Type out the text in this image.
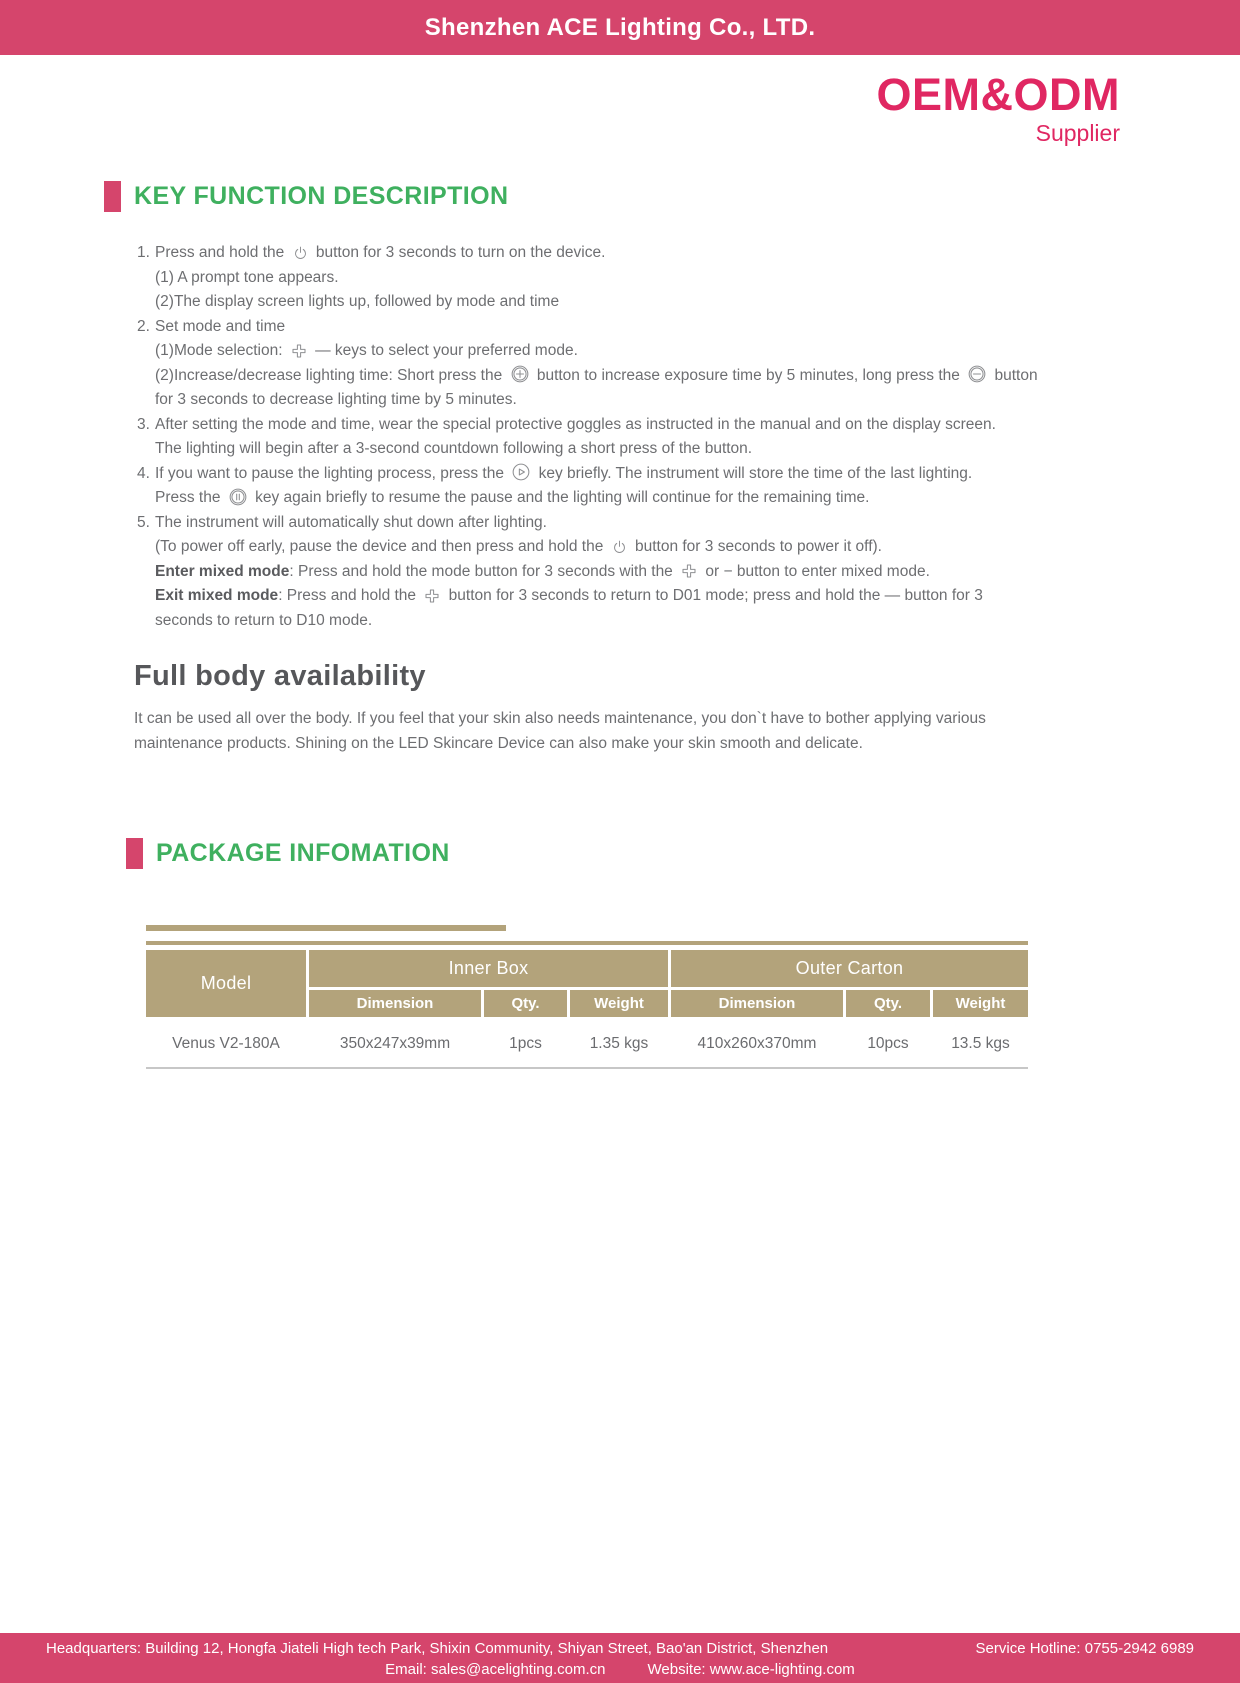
Shenzhen ACE Lighting Co., LTD.
OEM&ODM
Supplier
KEY FUNCTION DESCRIPTION
1. Press and hold the
button for 3 seconds to turn on the device.
(1) A prompt tone appears.
(2)The display screen lights up, followed by mode and time
2. Set mode and time
(1)Mode selection:
— keys to select your preferred mode.
(2)Increase/decrease lighting time: Short press the
button to increase exposure time by 5 minutes, long press the
button
for 3 seconds to decrease lighting time by 5 minutes.
3. After setting the mode and time, wear the special protective goggles as instructed in the manual and on the display screen.
The lighting will begin after a 3-second countdown following a short press of the button.
4. If you want to pause the lighting process, press the
key briefly. The instrument will store the time of the last lighting.
Press the
key again briefly to resume the pause and the lighting will continue for the remaining time.
5. The instrument will automatically shut down after lighting.
(To power off early, pause the device and then press and hold the
button for 3 seconds to power it off).
Enter mixed mode: Press and hold the mode button for 3 seconds with the
or − button to enter mixed mode.
Exit mixed mode: Press and hold the
button for 3 seconds to return to D01 mode; press and hold the — button for 3
seconds to return to D10 mode.
Full body availability

It can be used all over the body. If you feel that your skin also needs maintenance, you don`t have to bother applying various maintenance products. Shining on the LED Skincare Device can also make your skin smooth and delicate.

PACKAGE INFOMATION
Model
Inner Box	Outer Carton
Dimension	Qty.	Weight	Dimension	Qty.	Weight
Venus V2-180A	350x247x39mm	1pcs	1.35 kgs	410x260x370mm	10pcs	13.5 kgs
Headquarters: Building 12, Hongfa Jiateli High tech Park, Shixin Community, Shiyan Street, Bao'an District, Shenzhen	Service Hotline: 0755-2942 6989
Email: sales@acelighting.com.cn	Website: www.ace-lighting.com
